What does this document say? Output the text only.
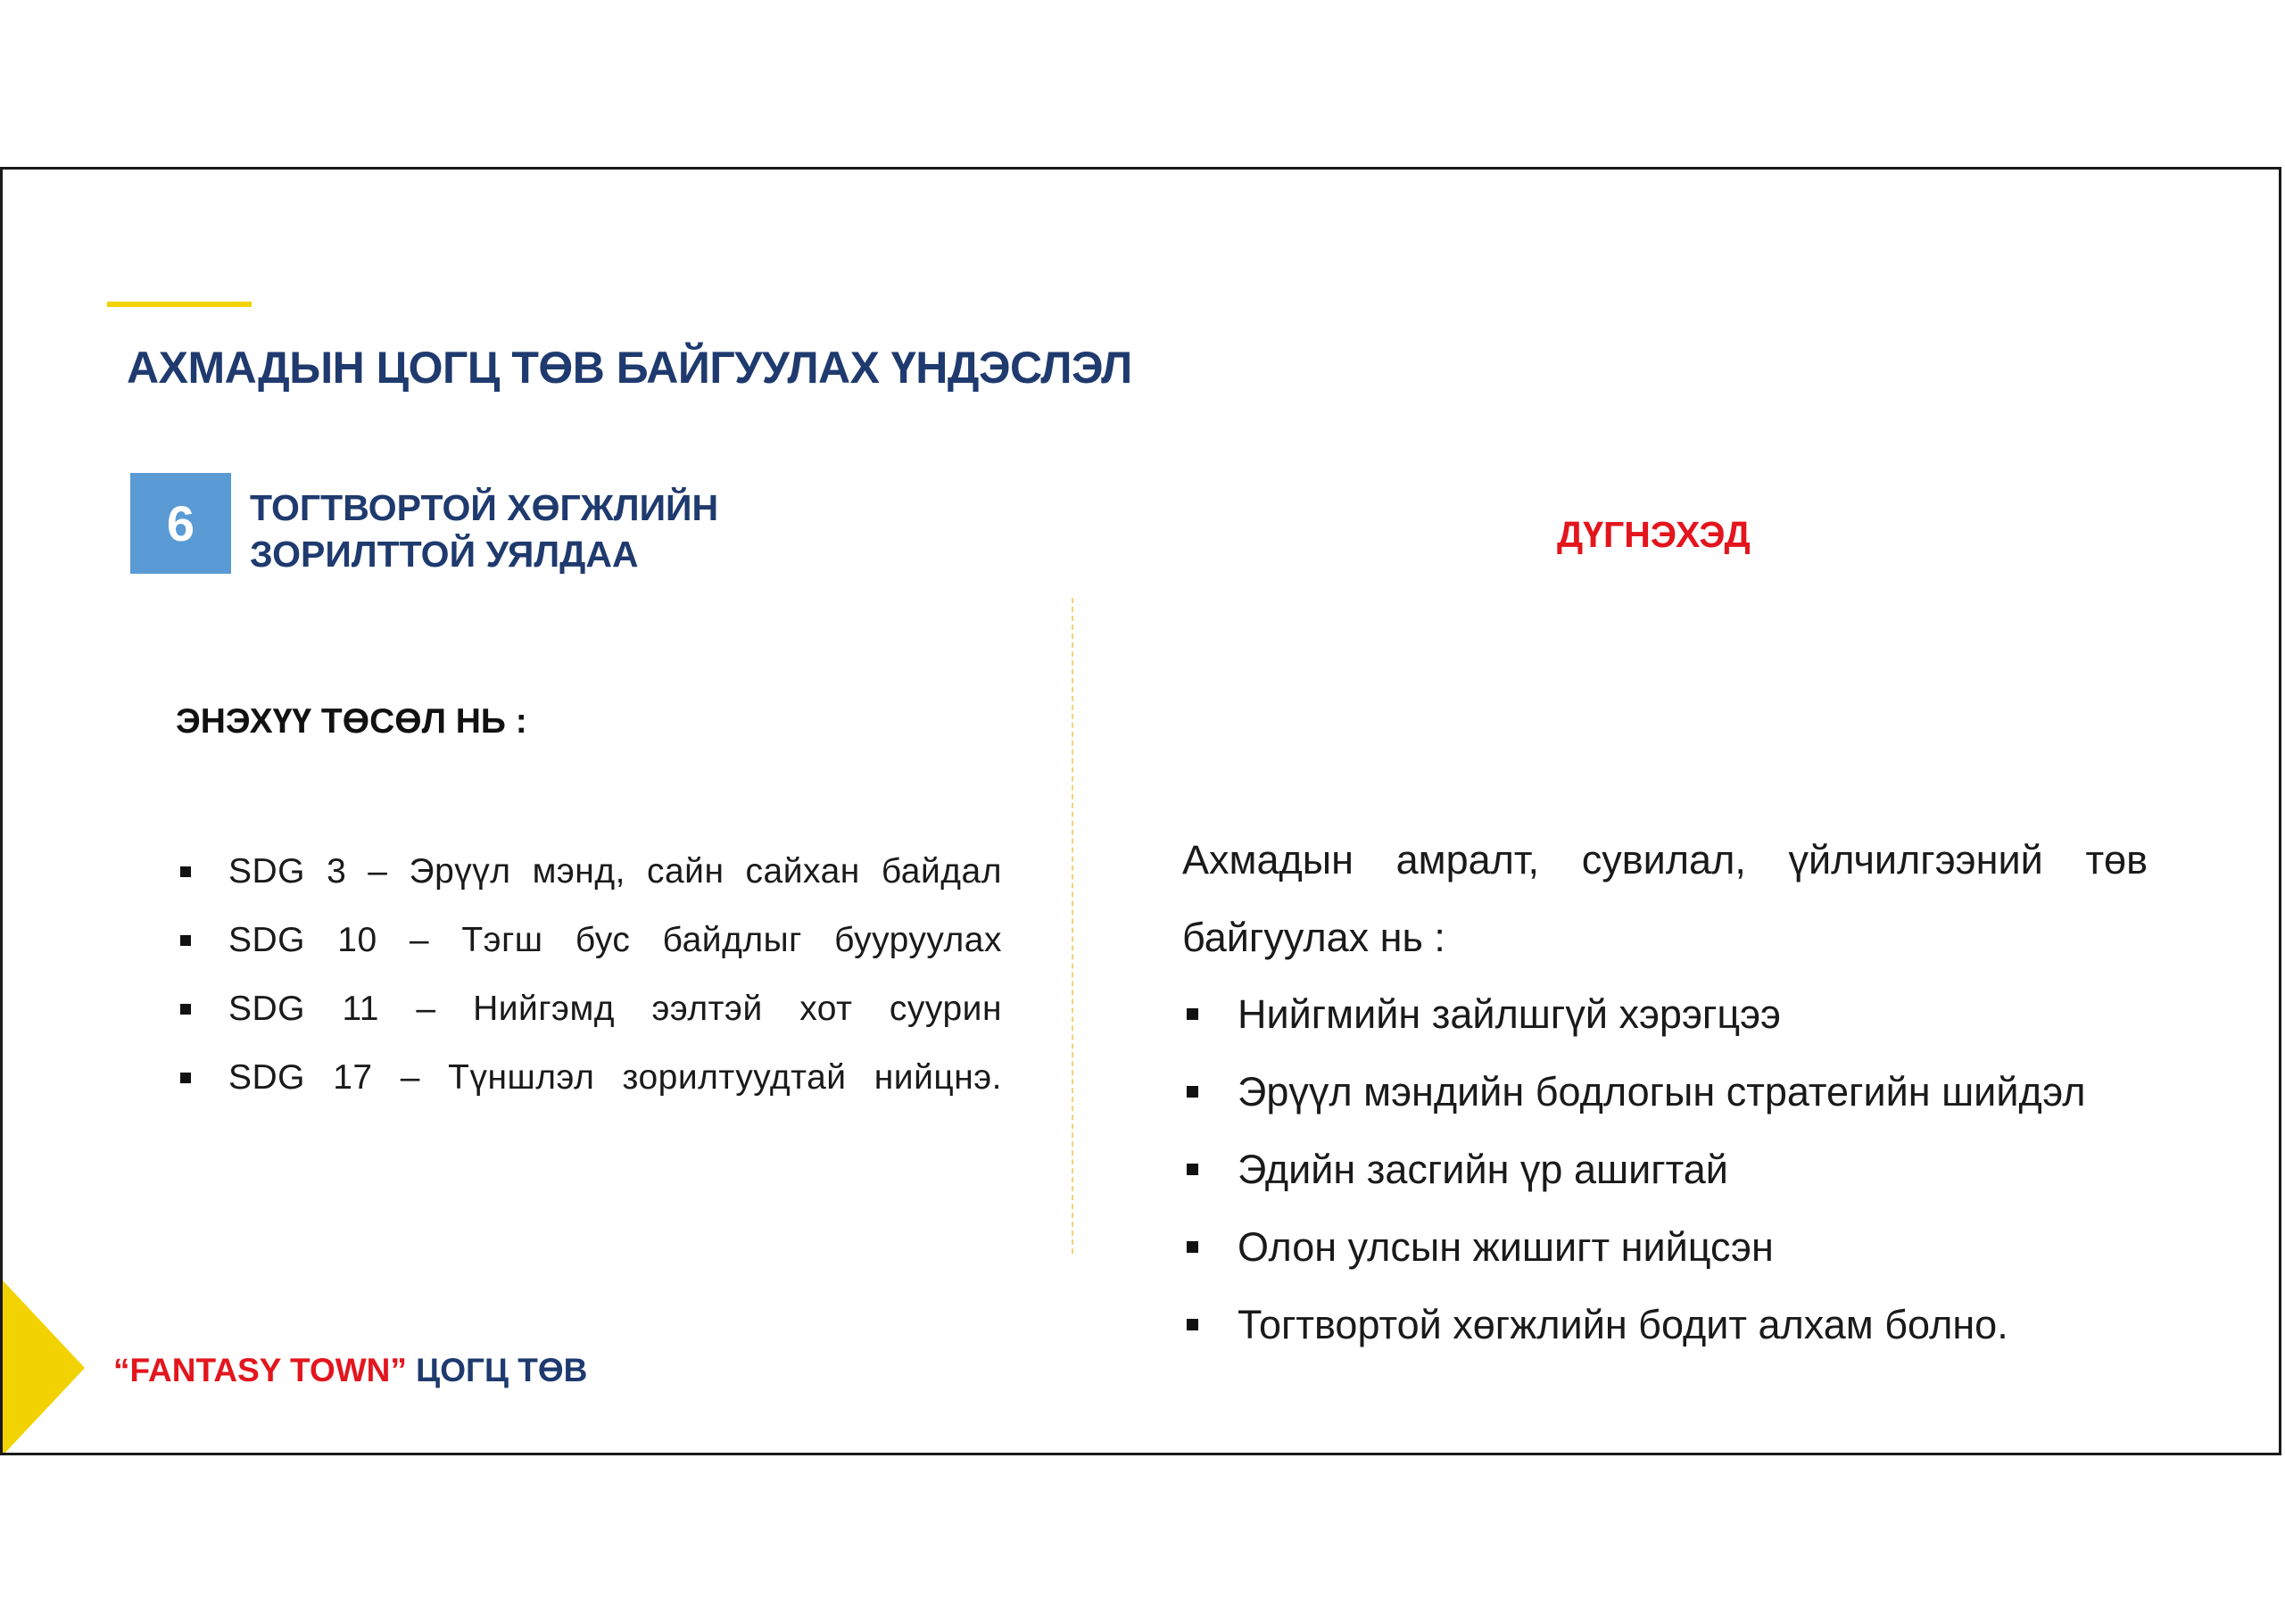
АХМАДЫН ЦОГЦ ТӨВ БАЙГУУЛАХ ҮНДЭСЛЭЛ
6 ТОГТВОРТОЙ ХӨГЖЛИЙН
ЗОРИЛТТОЙ УЯЛДАА	ДҮГНЭХЭД
ЭНЭХҮҮ ТӨСӨЛ НЬ :
SDG 3 – Эрүүл мэнд, сайн сайхан байдал
SDG 10 – Тэгш бус байдлыг бууруулах
SDG 11 – Нийгэмд ээлтэй хот суурин
SDG 17 – Түншлэл зорилтуудтай нийцнэ.

Ахмадын амралт, сувилал, үйлчилгээний төв байгуулах нь :

Нийгмийн зайлшгүй хэрэгцээ
Эрүүл мэндийн бодлогын стратегийн шийдэл
Эдийн засгийн үр ашигтай
Олон улсын жишигт нийцсэн
Тогтвортой хөгжлийн бодит алхам болно.

“FANTASY TOWN” ЦОГЦ ТӨВ
